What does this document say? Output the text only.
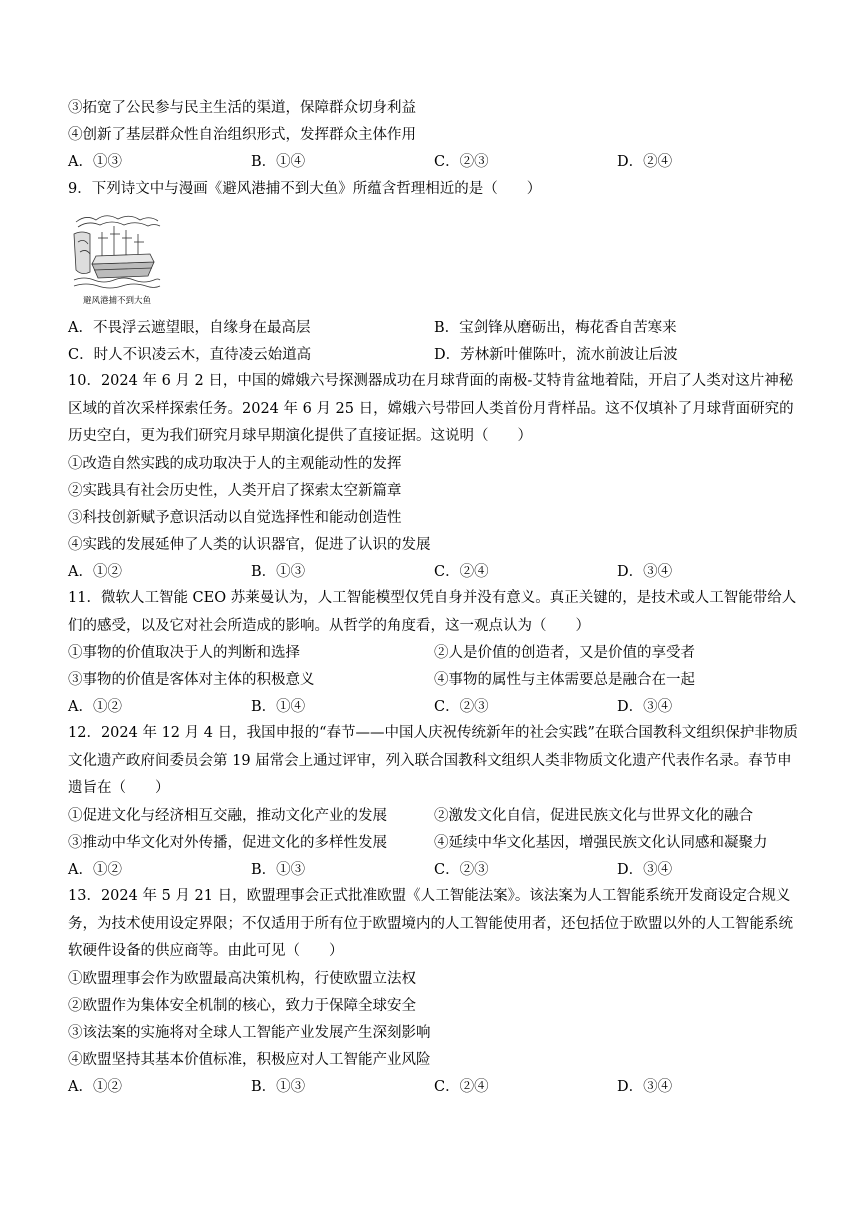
③拓宽了公民参与民主生活的渠道，保障群众切身利益
④创新了基层群众性自治组织形式，发挥群众主体作用
A．①③	B．①④	C．②③	D．②④
9．下列诗文中与漫画《避风港捕不到大鱼》所蕴含哲理相近的是（　　）
避风港捕不到大鱼
A．不畏浮云遮望眼，自缘身在最高层	B．宝剑锋从磨砺出，梅花香自苦寒来
C．时人不识凌云木，直待凌云始道高	D．芳林新叶催陈叶，流水前波让后波
10．2024 年 6 月 2 日，中国的嫦娥六号探测器成功在月球背面的南极-艾特肯盆地着陆，开启了人类对这片神秘区域的首次采样探索任务。2024 年 6 月 25 日，嫦娥六号带回人类首份月背样品。这不仅填补了月球背面研究的历史空白，更为我们研究月球早期演化提供了直接证据。这说明（　　）
①改造自然实践的成功取决于人的主观能动性的发挥
②实践具有社会历史性，人类开启了探索太空新篇章
③科技创新赋予意识活动以自觉选择性和能动创造性
④实践的发展延伸了人类的认识器官，促进了认识的发展
A．①②	B．①③	C．②④	D．③④
11．微软人工智能 CEO 苏莱曼认为，人工智能模型仅凭自身并没有意义。真正关键的，是技术或人工智能带给人们的感受，以及它对社会所造成的影响。从哲学的角度看，这一观点认为（　　）
①事物的价值取决于人的判断和选择	②人是价值的创造者，又是价值的享受者
③事物的价值是客体对主体的积极意义	④事物的属性与主体需要总是融合在一起
A．①②	B．①④	C．②③	D．③④
12．2024 年 12 月 4 日，我国申报的“春节——中国人庆祝传统新年的社会实践”在联合国教科文组织保护非物质文化遗产政府间委员会第 19 届常会上通过评审，列入联合国教科文组织人类非物质文化遗产代表作名录。春节申遗旨在（　　）
①促进文化与经济相互交融，推动文化产业的发展	②激发文化自信，促进民族文化与世界文化的融合
③推动中华文化对外传播，促进文化的多样性发展	④延续中华文化基因，增强民族文化认同感和凝聚力
A．①②	B．①③	C．②③	D．③④
13．2024 年 5 月 21 日，欧盟理事会正式批准欧盟《人工智能法案》。该法案为人工智能系统开发商设定合规义务，为技术使用设定界限；不仅适用于所有位于欧盟境内的人工智能使用者，还包括位于欧盟以外的人工智能系统软硬件设备的供应商等。由此可见（　　）
①欧盟理事会作为欧盟最高决策机构，行使欧盟立法权
②欧盟作为集体安全机制的核心，致力于保障全球安全
③该法案的实施将对全球人工智能产业发展产生深刻影响
④欧盟坚持其基本价值标准，积极应对人工智能产业风险
A．①②	B．①③	C．②④	D．③④
